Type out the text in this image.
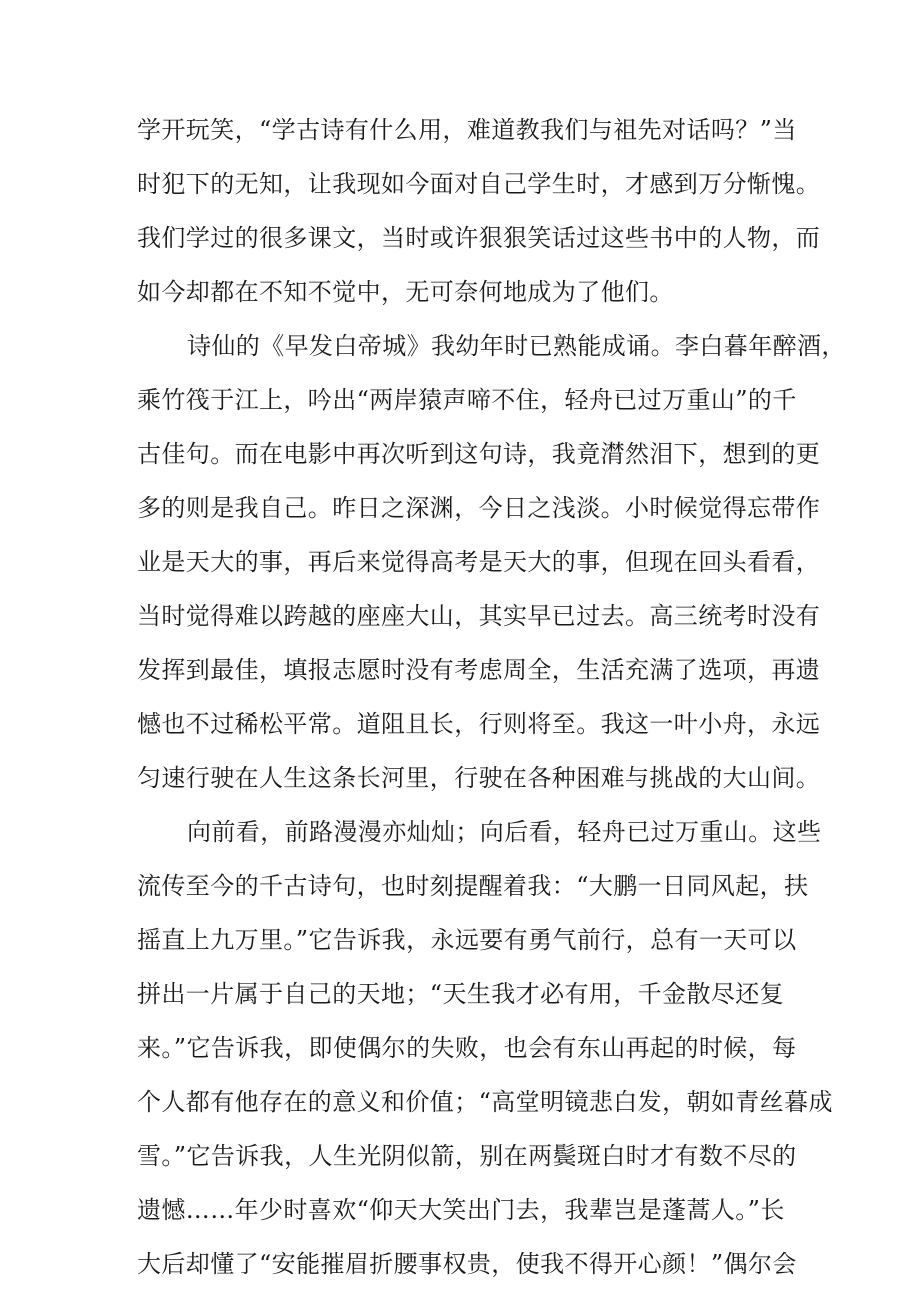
学开玩笑，“学古诗有什么用，难道教我们与祖先对话吗？”当
时犯下的无知，让我现如今面对自己学生时，才感到万分惭愧。
我们学过的很多课文，当时或许狠狠笑话过这些书中的人物，而
如今却都在不知不觉中，无可奈何地成为了他们。
诗仙的《早发白帝城》我幼年时已熟能成诵。李白暮年醉酒，
乘竹筏于江上，吟出“两岸猿声啼不住，轻舟已过万重山”的千
古佳句。而在电影中再次听到这句诗，我竟潸然泪下，想到的更
多的则是我自己。昨日之深渊，今日之浅淡。小时候觉得忘带作
业是天大的事，再后来觉得高考是天大的事，但现在回头看看，
当时觉得难以跨越的座座大山，其实早已过去。高三统考时没有
发挥到最佳，填报志愿时没有考虑周全，生活充满了选项，再遗
憾也不过稀松平常。道阻且长，行则将至。我这一叶小舟，永远
匀速行驶在人生这条长河里，行驶在各种困难与挑战的大山间。
向前看，前路漫漫亦灿灿；向后看，轻舟已过万重山。这些
流传至今的千古诗句，也时刻提醒着我：“大鹏一日同风起，扶
摇直上九万里。”它告诉我，永远要有勇气前行，总有一天可以
拼出一片属于自己的天地；“天生我才必有用，千金散尽还复
来。”它告诉我，即使偶尔的失败，也会有东山再起的时候，每
个人都有他存在的意义和价值；“高堂明镜悲白发，朝如青丝暮成
雪。”它告诉我，人生光阴似箭，别在两鬓斑白时才有数不尽的
遗憾……年少时喜欢“仰天大笑出门去，我辈岂是蓬蒿人。”长
大后却懂了“安能摧眉折腰事权贵，使我不得开心颜！”偶尔会
